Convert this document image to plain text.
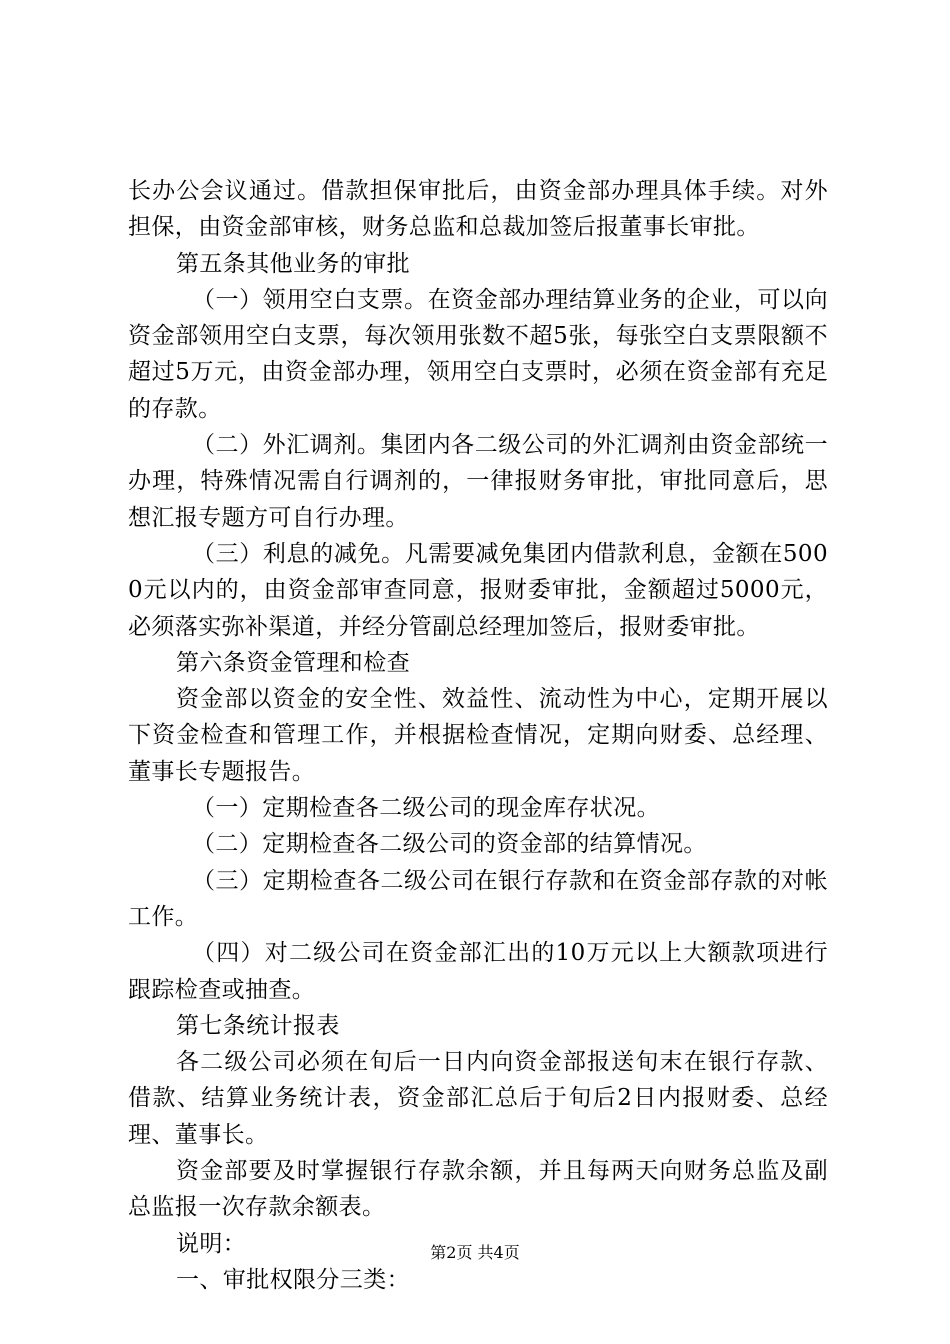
长办公会议通过。借款担保审批后，由资金部办理具体手续。对外担保，由资金部审核，财务总监和总裁加签后报董事长审批。

第五条其他业务的审批

（一）领用空白支票。在资金部办理结算业务的企业，可以向资金部领用空白支票，每次领用张数不超5张，每张空白支票限额不超过5万元，由资金部办理，领用空白支票时，必须在资金部有充足的存款。

（二）外汇调剂。集团内各二级公司的外汇调剂由资金部统一办理，特殊情况需自行调剂的，一律报财务审批，审批同意后，思想汇报专题方可自行办理。

（三）利息的减免。凡需要减免集团内借款利息，金额在5000元以内的，由资金部审查同意，报财委审批，金额超过5000元，必须落实弥补渠道，并经分管副总经理加签后，报财委审批。

第六条资金管理和检查

资金部以资金的安全性、效益性、流动性为中心，定期开展以下资金检查和管理工作，并根据检查情况，定期向财委、总经理、董事长专题报告。

（一）定期检查各二级公司的现金库存状况。

（二）定期检查各二级公司的资金部的结算情况。

（三）定期检查各二级公司在银行存款和在资金部存款的对帐工作。

（四）对二级公司在资金部汇出的10万元以上大额款项进行跟踪检查或抽查。

第七条统计报表

各二级公司必须在旬后一日内向资金部报送旬末在银行存款、借款、结算业务统计表，资金部汇总后于旬后2日内报财委、总经理、董事长。

资金部要及时掌握银行存款余额，并且每两天向财务总监及副总监报一次存款余额表。

说明：

一、审批权限分三类：

第2页 共4页
